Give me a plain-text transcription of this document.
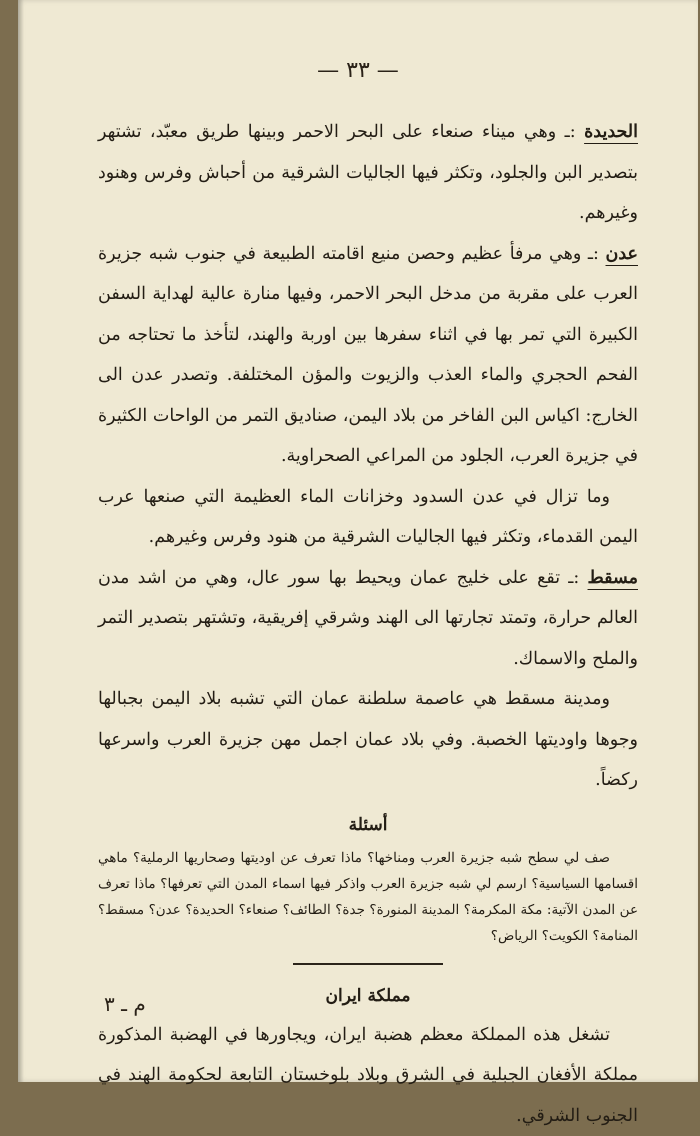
— ٣٣ —

الحديدة :ـ وهي ميناء صنعاء على البحر الاحمر وبينها طريق معبّد، تشتهر بتصدير البن والجلود، وتكثر فيها الجاليات الشرقية من أحباش وفرس وهنود وغيرهم.

عدن :ـ وهي مرفأ عظيم وحصن منيع اقامته الطبيعة في جنوب شبه جزيرة العرب على مقربة من مدخل البحر الاحمر، وفيها منارة عالية لهداية السفن الكبيرة التي تمر بها في اثناء سفرها بين اوربة والهند، لتأخذ ما تحتاجه من الفحم الحجري والماء العذب والزيوت والمؤن المختلفة. وتصدر عدن الى الخارج: اكياس البن الفاخر من بلاد اليمن، صناديق التمر من الواحات الكثيرة في جزيرة العرب، الجلود من المراعي الصحراوية.

وما تزال في عدن السدود وخزانات الماء العظيمة التي صنعها عرب اليمن القدماء، وتكثر فيها الجاليات الشرقية من هنود وفرس وغيرهم.

مسقط :ـ تقع على خليج عمان ويحيط بها سور عال، وهي من اشد مدن العالم حرارة، وتمتد تجارتها الى الهند وشرقي إفريقية، وتشتهر بتصدير التمر والملح والاسماك.

ومدينة مسقط هي عاصمة سلطنة عمان التي تشبه بلاد اليمن بجبالها وجوها واوديتها الخصبة. وفي بلاد عمان اجمل مهن جزيرة العرب واسرعها ركضاً.

أسئلة

صف لي سطح شبه جزيرة العرب ومناخها؟ ماذا تعرف عن اوديتها وصحاريها الرملية؟ ماهي اقسامها السياسية؟ ارسم لي شبه جزيرة العرب واذكر فيها اسماء المدن التي تعرفها؟ ماذا تعرف عن المدن الآتية: مكة المكرمة؟ المدينة المنورة؟ جدة؟ الطائف؟ صنعاء؟ الحديدة؟ عدن؟ مسقط؟ المنامة؟ الكويت؟ الرياض؟

مملكة ايران

تشغل هذه المملكة معظم هضبة ايران، ويجاورها في الهضبة المذكورة مملكة الأفغان الجبلية في الشرق وبلاد بلوخستان التابعة لحكومة الهند في الجنوب الشرقي.

م ـ ٣
